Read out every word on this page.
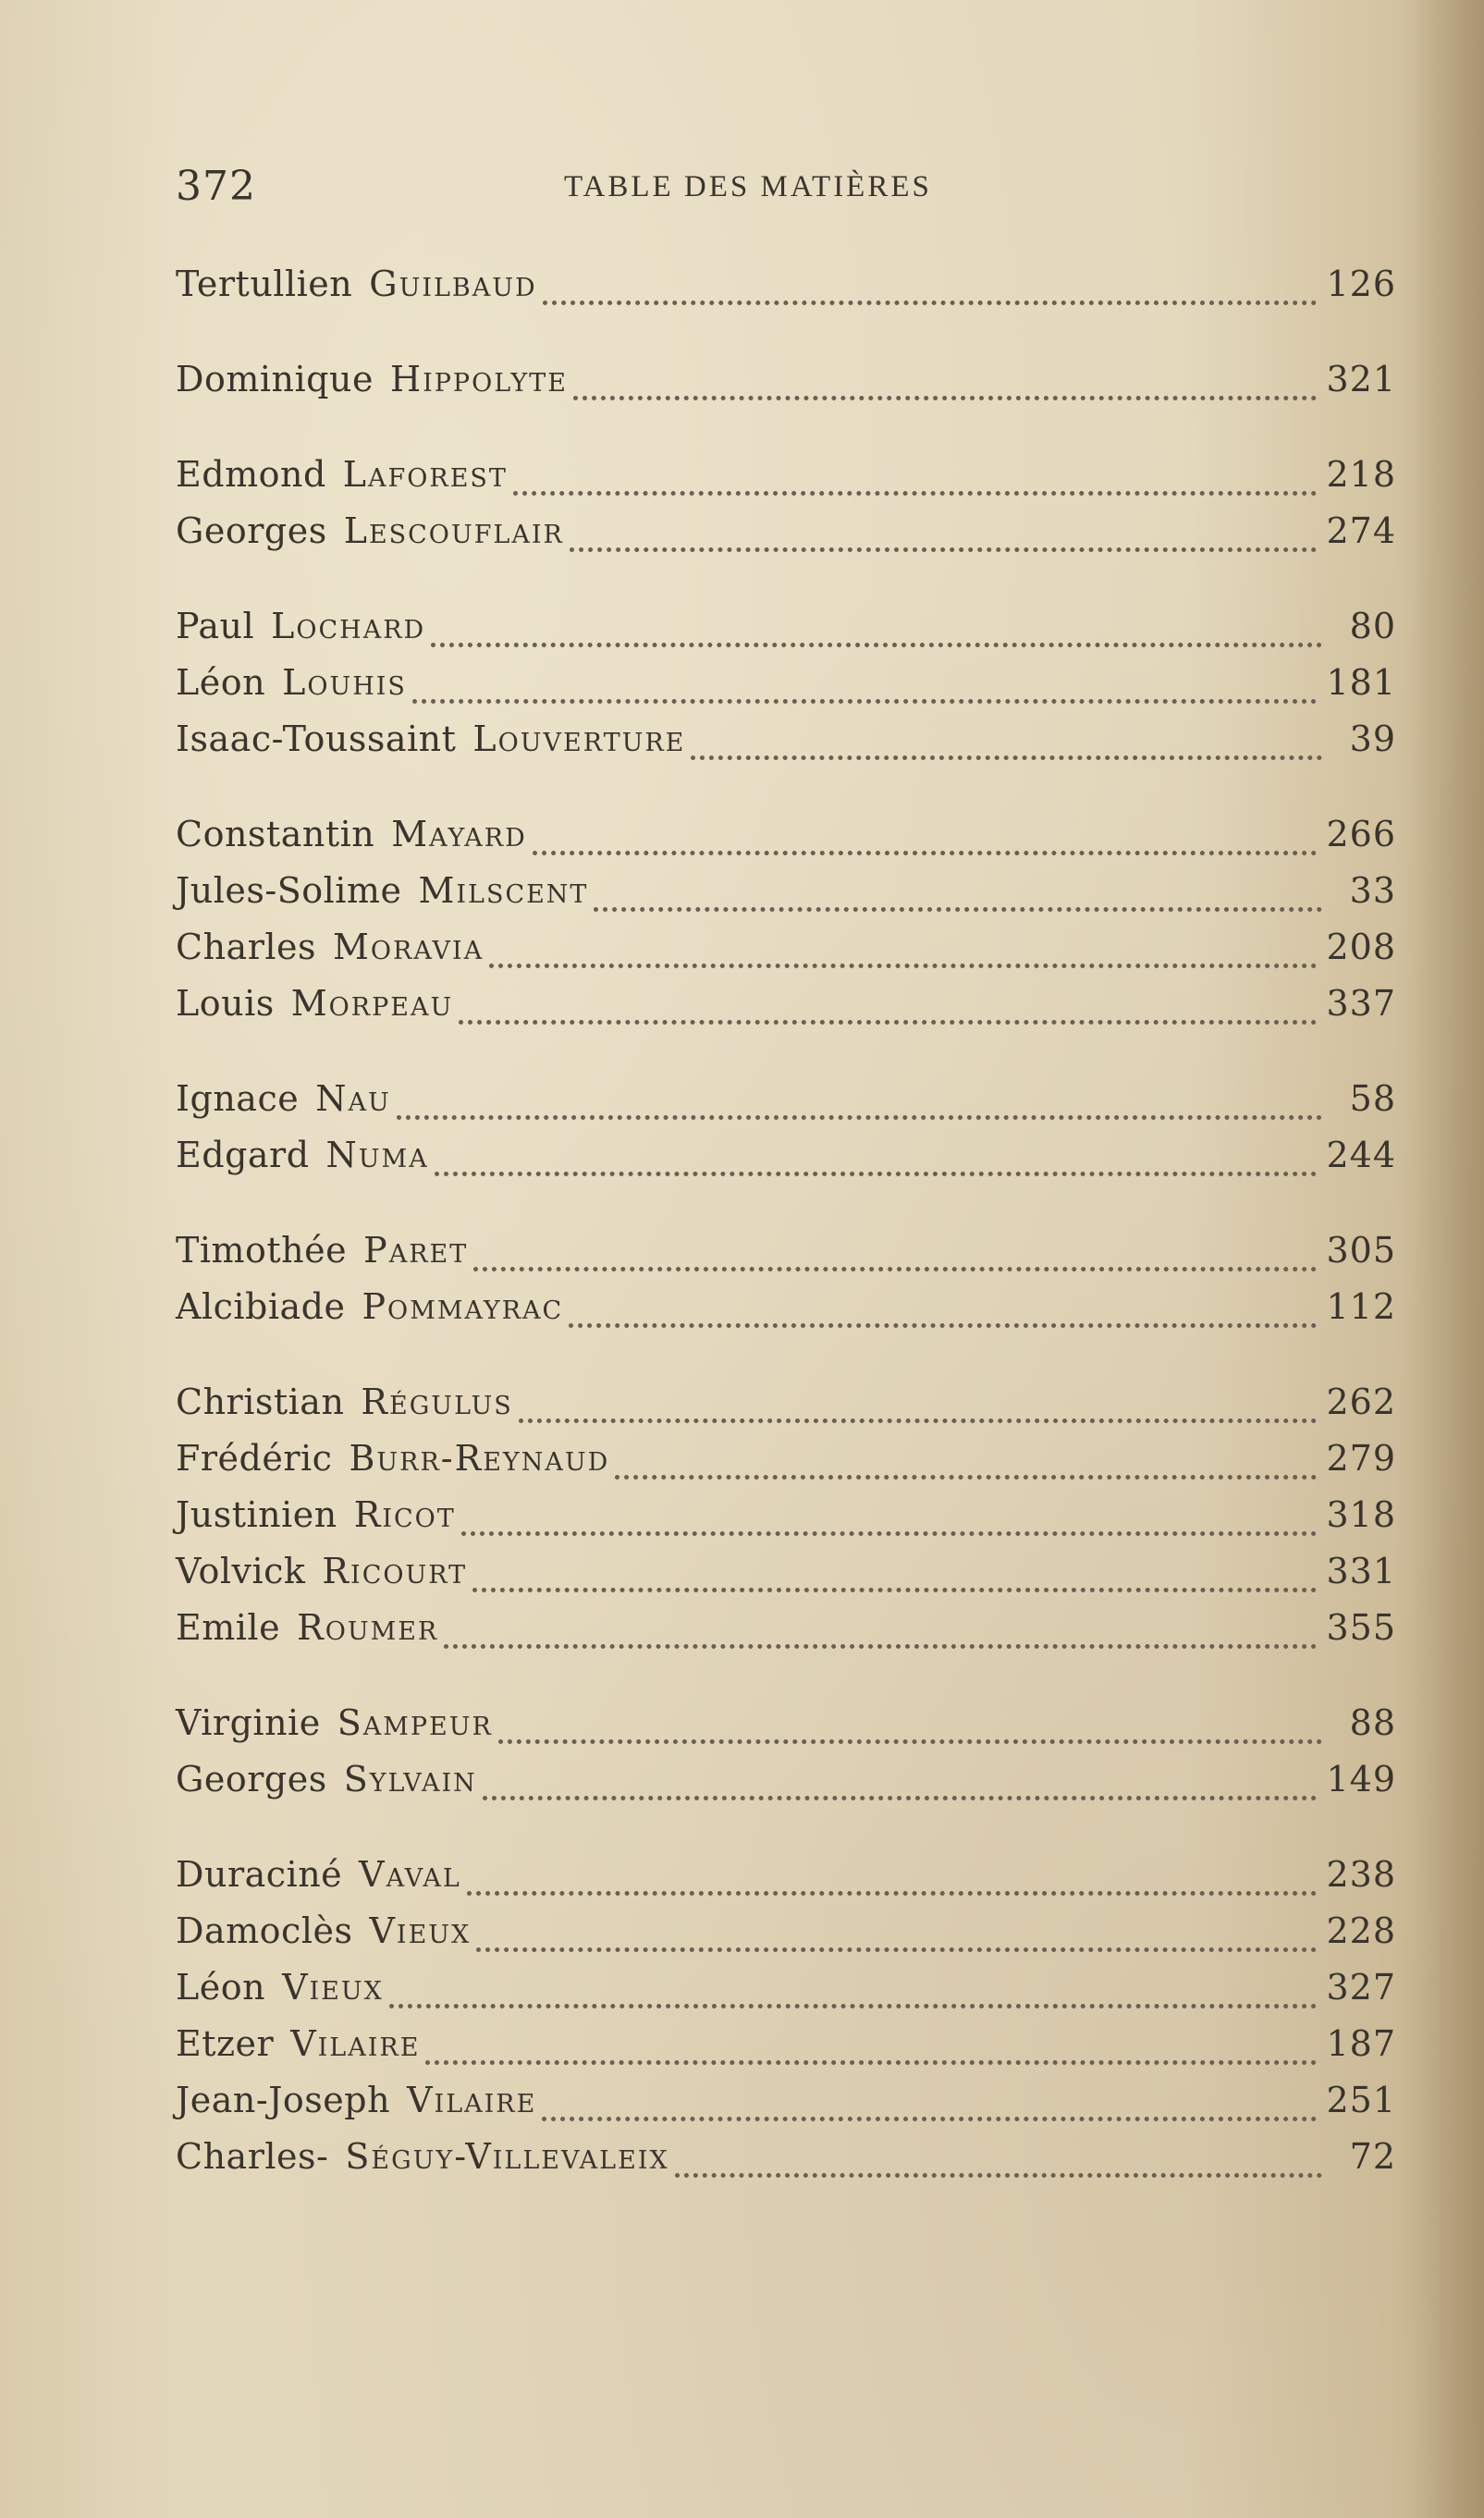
372	TABLE DES MATIÈRES
Tertullien Guilbaud	126
Dominique Hippolyte	321
Edmond Laforest	218
Georges Lescouflair	274
Paul Lochard	80
Léon Louhis	181
Isaac-Toussaint Louverture	39
Constantin Mayard	266
Jules-Solime Milscent	33
Charles Moravia	208
Louis Morpeau	337
Ignace Nau	58
Edgard Numa	244
Timothée Paret	305
Alcibiade Pommayrac	112
Christian Régulus	262
Frédéric Burr-Reynaud	279
Justinien Ricot	318
Volvick Ricourt	331
Emile Roumer	355
Virginie Sampeur	88
Georges Sylvain	149
Duraciné Vaval	238
Damoclès Vieux	228
Léon Vieux	327
Etzer Vilaire	187
Jean-Joseph Vilaire	251
Charles- Séguy-Villevaleix	72
